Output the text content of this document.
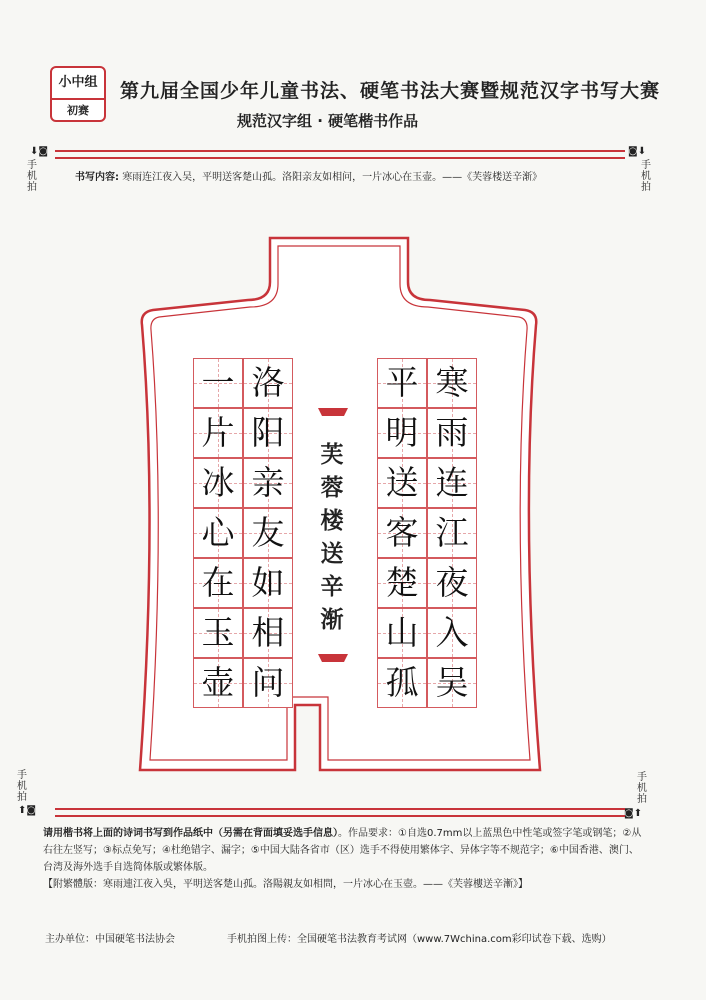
小中组
初赛
第九届全国少年儿童书法、硬笔书法大赛暨规范汉字书写大赛
规范汉字组 · 硬笔楷书作品
⬇◙
手机拍
◙⬇
手机拍
手机拍
⬆◙
手机拍
◙⬆
书写内容: 寒雨连江夜入吴，平明送客楚山孤。洛阳亲友如相问，一片冰心在玉壶。——《芙蓉楼送辛渐》
芙蓉楼送辛渐
寒
雨
连
江
夜
入
吴
平
明
送
客
楚
山
孤
洛
阳
亲
友
如
相
问
一
片
冰
心
在
玉
壶
请用楷书将上面的诗词书写到作品纸中（另需在背面填妥选手信息）。作品要求：①自选0.7mm以上蓝黑色中性笔或签字笔或钢笔；②从右往左竖写；③标点免写；④杜绝错字、漏字；⑤中国大陆各省市（区）选手不得使用繁体字、异体字等不规范字；⑥中国香港、澳门、台湾及海外选手自选简体版或繁体版。
【附繁體版：寒雨連江夜入吳，平明送客楚山孤。洛陽親友如相問，一片冰心在玉壺。——《芙蓉樓送辛漸》】
主办单位：中国硬笔书法协会	手机拍图上传：全国硬笔书法教育考试网（www.7Wchina.com彩印试卷下载、选购）
